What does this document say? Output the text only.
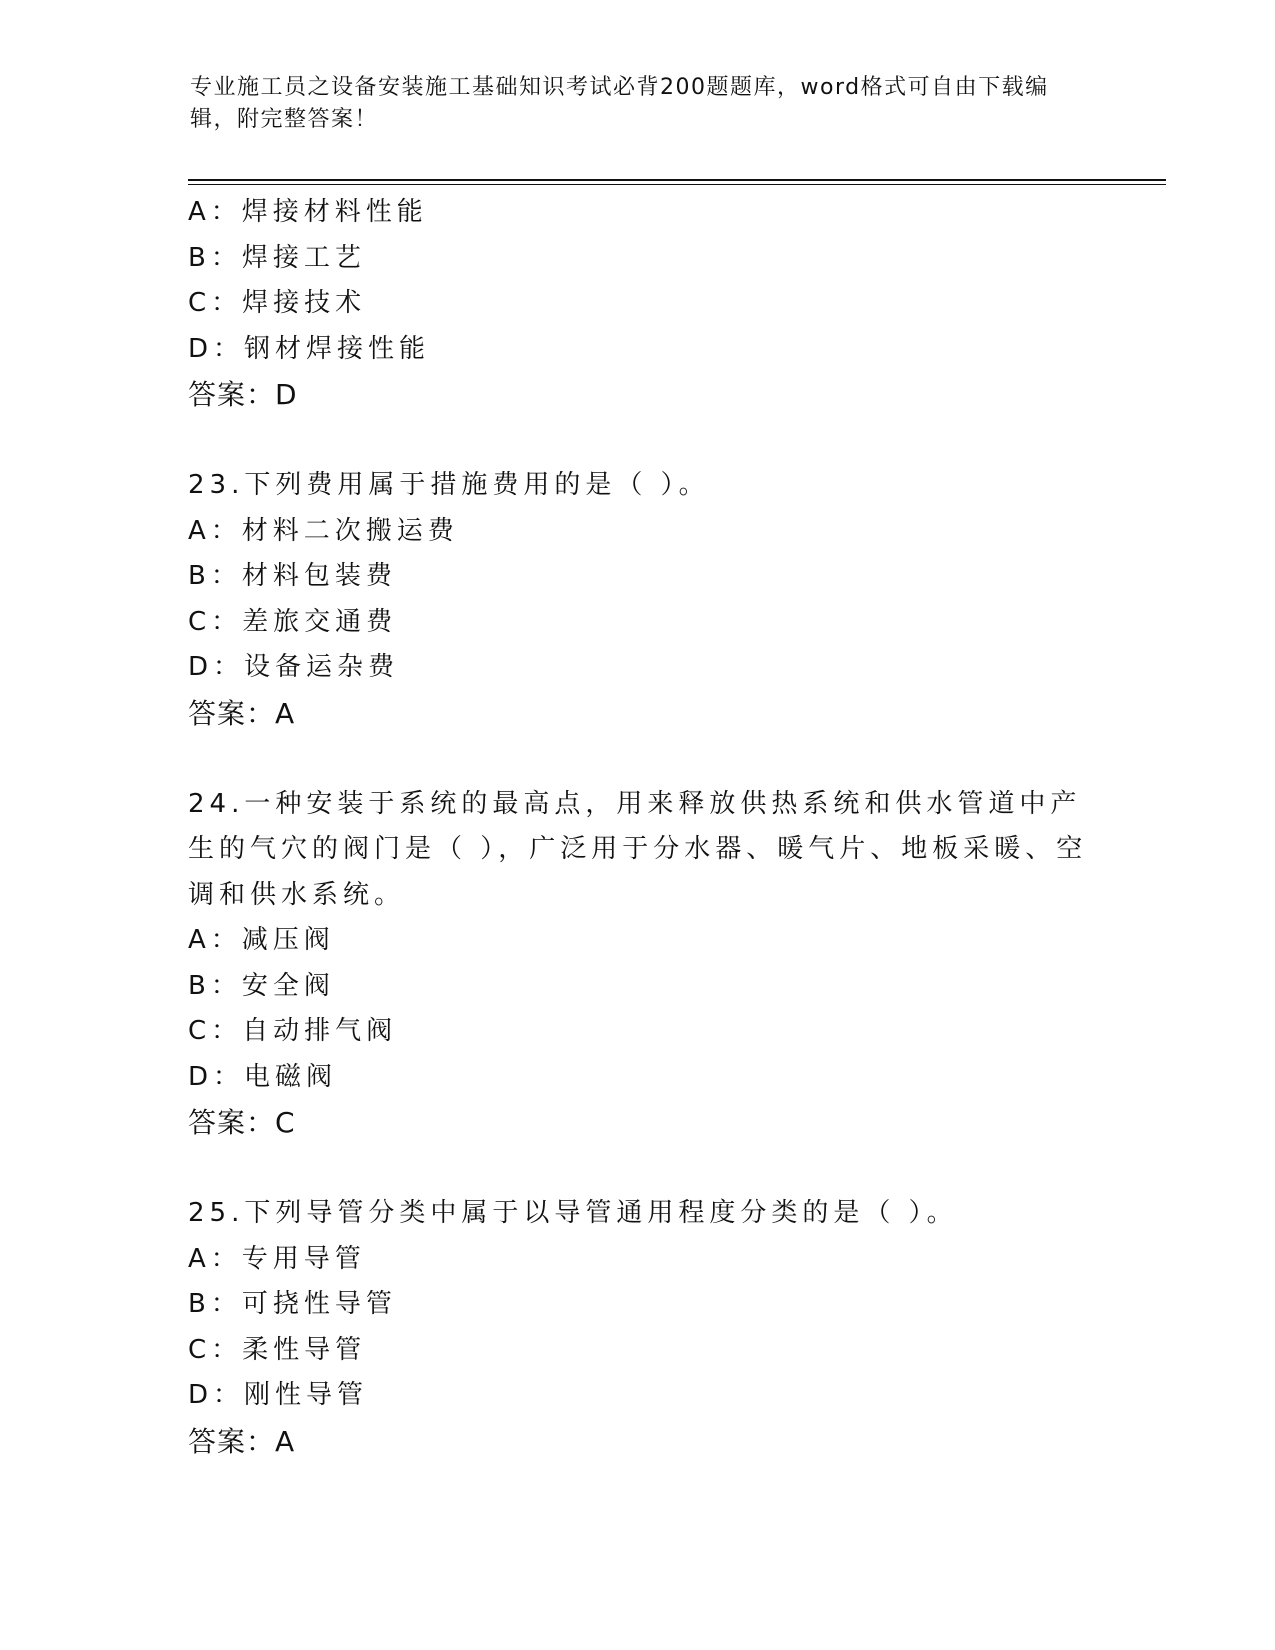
专业施工员之设备安装施工基础知识考试必背200题题库，word格式可自由下载编辑，附完整答案！
A：焊接材料性能
B：焊接工艺
C：焊接技术
D：钢材焊接性能
答案：D
23.下列费用属于措施费用的是（ ）。
A：材料二次搬运费
B：材料包装费
C：差旅交通费
D：设备运杂费
答案：A
24.一种安装于系统的最高点，用来释放供热系统和供水管道中产生的气穴的阀门是（ ），广泛用于分水器、暖气片、地板采暖、空调和供水系统。
A：减压阀
B：安全阀
C：自动排气阀
D：电磁阀
答案：C
25.下列导管分类中属于以导管通用程度分类的是（ ）。
A：专用导管
B：可挠性导管
C：柔性导管
D：刚性导管
答案：A
